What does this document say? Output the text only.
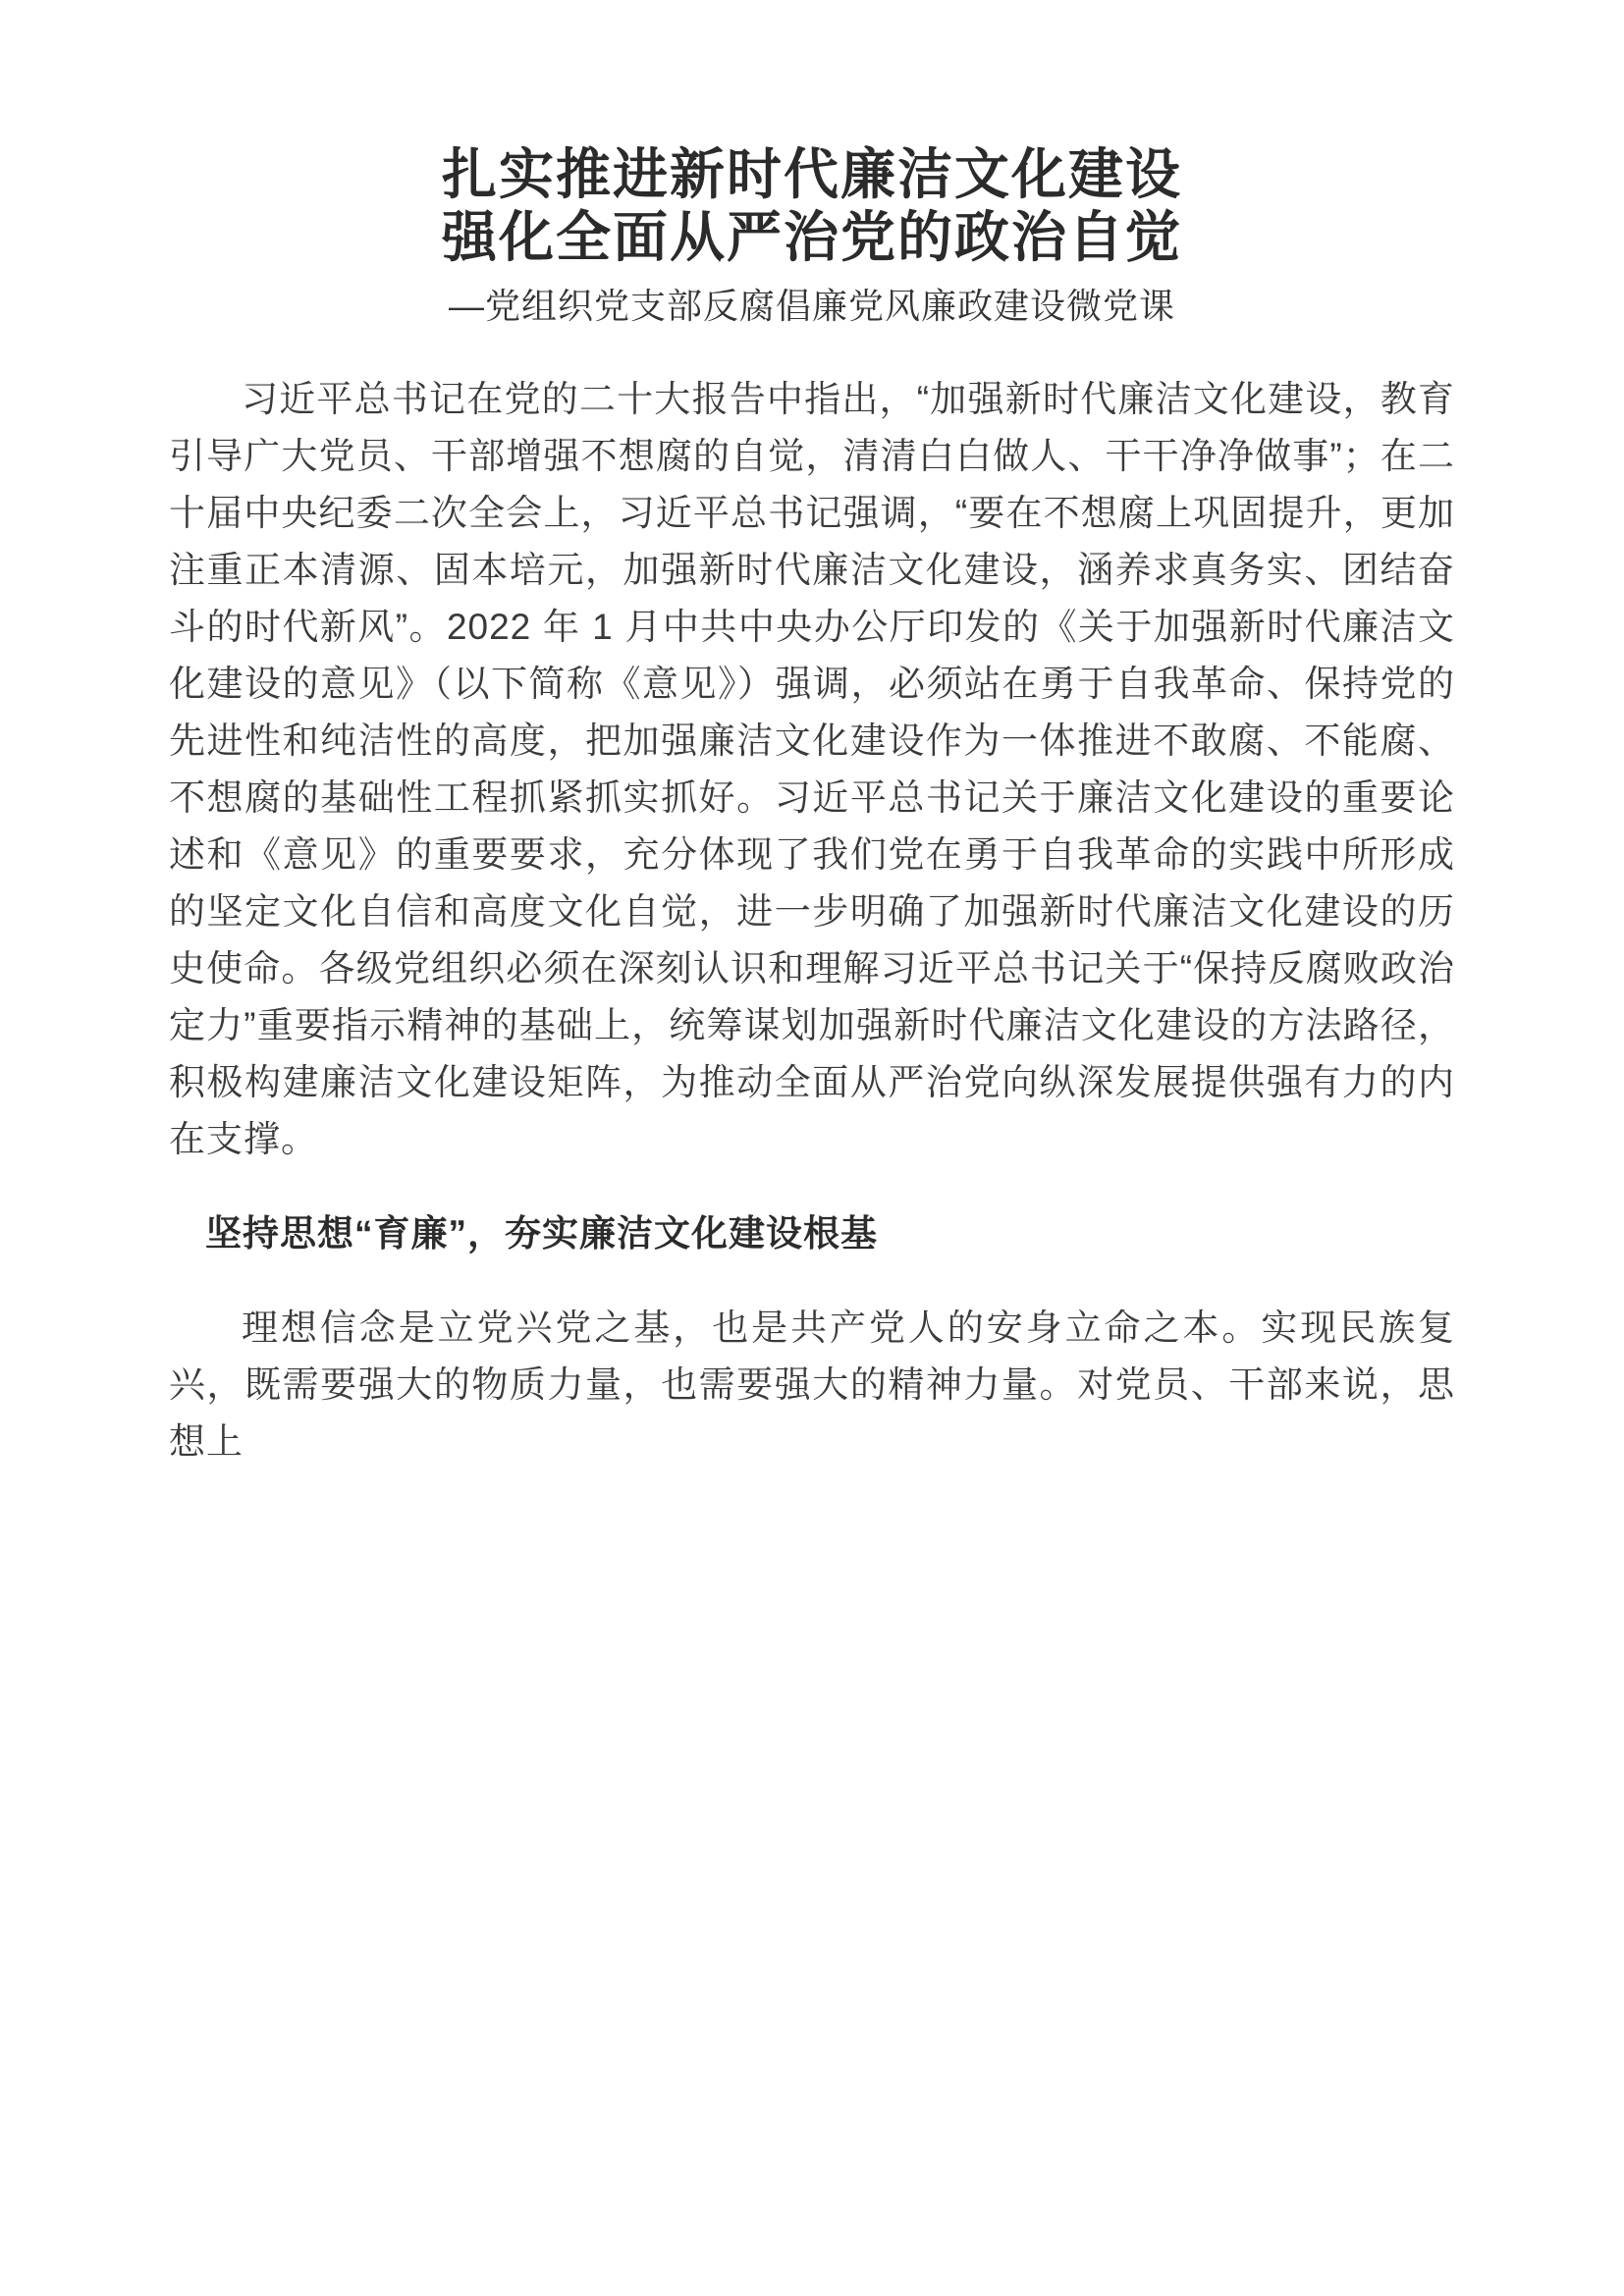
扎实推进新时代廉洁文化建设
强化全面从严治党的政治自觉
—党组织党支部反腐倡廉党风廉政建设微党课

习近平总书记在党的二十大报告中指出，“加强新时代廉洁文化建设，教育引导广大党员、干部增强不想腐的自觉，清清白白做人、干干净净做事”；在二十届中央纪委二次全会上，习近平总书记强调，“要在不想腐上巩固提升，更加注重正本清源、固本培元，加强新时代廉洁文化建设，涵养求真务实、团结奋斗的时代新风”。2022 年 1 月中共中央办公厅印发的《关于加强新时代廉洁文化建设的意见》（以下简称《意见》）强调，必须站在勇于自我革命、保持党的先进性和纯洁性的高度，把加强廉洁文化建设作为一体推进不敢腐、不能腐、不想腐的基础性工程抓紧抓实抓好。习近平总书记关于廉洁文化建设的重要论述和《意见》的重要要求，充分体现了我们党在勇于自我革命的实践中所形成的坚定文化自信和高度文化自觉，进一步明确了加强新时代廉洁文化建设的历史使命。各级党组织必须在深刻认识和理解习近平总书记关于“保持反腐败政治定力”重要指示精神的基础上，统筹谋划加强新时代廉洁文化建设的方法路径，积极构建廉洁文化建设矩阵，为推动全面从严治党向纵深发展提供强有力的内在支撑。

坚持思想“育廉”，夯实廉洁文化建设根基

理想信念是立党兴党之基，也是共产党人的安身立命之本。实现民族复兴，既需要强大的物质力量，也需要强大的精神力量。对党员、干部来说，思想上
